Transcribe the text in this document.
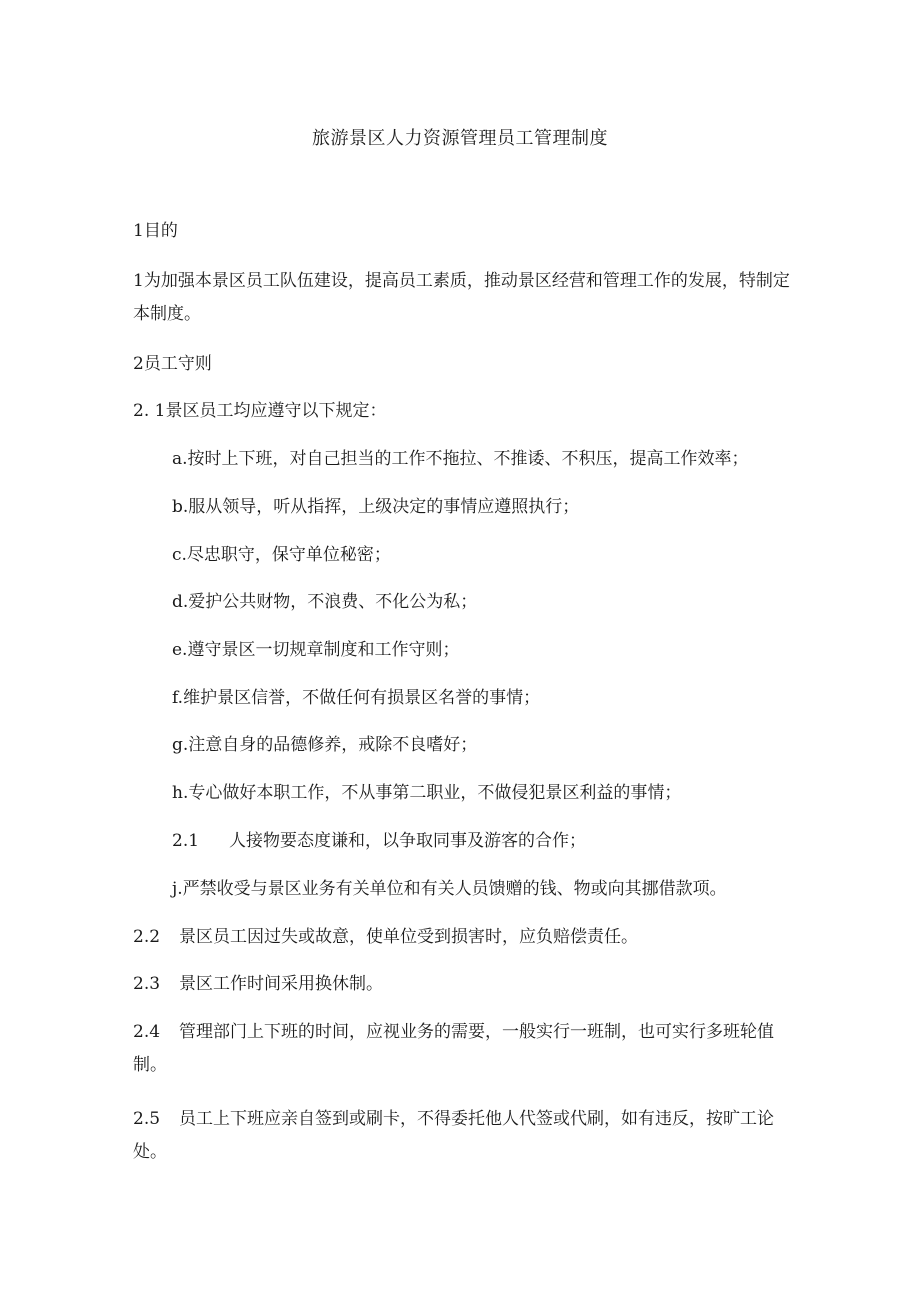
旅游景区人力资源管理员工管理制度
1目的
1为加强本景区员工队伍建设，提高员工素质，推动景区经营和管理工作的发展，特制定本制度。
2员工守则
2. 1景区员工均应遵守以下规定：
a.按时上下班，对自己担当的工作不拖拉、不推诿、不积压，提高工作效率；
b.服从领导，听从指挥，上级决定的事情应遵照执行；
c.尽忠职守，保守单位秘密；
d.爱护公共财物，不浪费、不化公为私；
e.遵守景区一切规章制度和工作守则；
f.维护景区信誉，不做任何有损景区名誉的事情；
g.注意自身的品德修养，戒除不良嗜好；
h.专心做好本职工作，不从事第二职业，不做侵犯景区利益的事情；
2.1 人接物要态度谦和，以争取同事及游客的合作；
j.严禁收受与景区业务有关单位和有关人员馈赠的钱、物或向其挪借款项。
2.2 景区员工因过失或故意，使单位受到损害时，应负赔偿责任。
2.3 景区工作时间采用换休制。
2.4 管理部门上下班的时间，应视业务的需要，一般实行一班制，也可实行多班轮值制。
2.5 员工上下班应亲自签到或刷卡，不得委托他人代签或代刷，如有违反，按旷工论处。
